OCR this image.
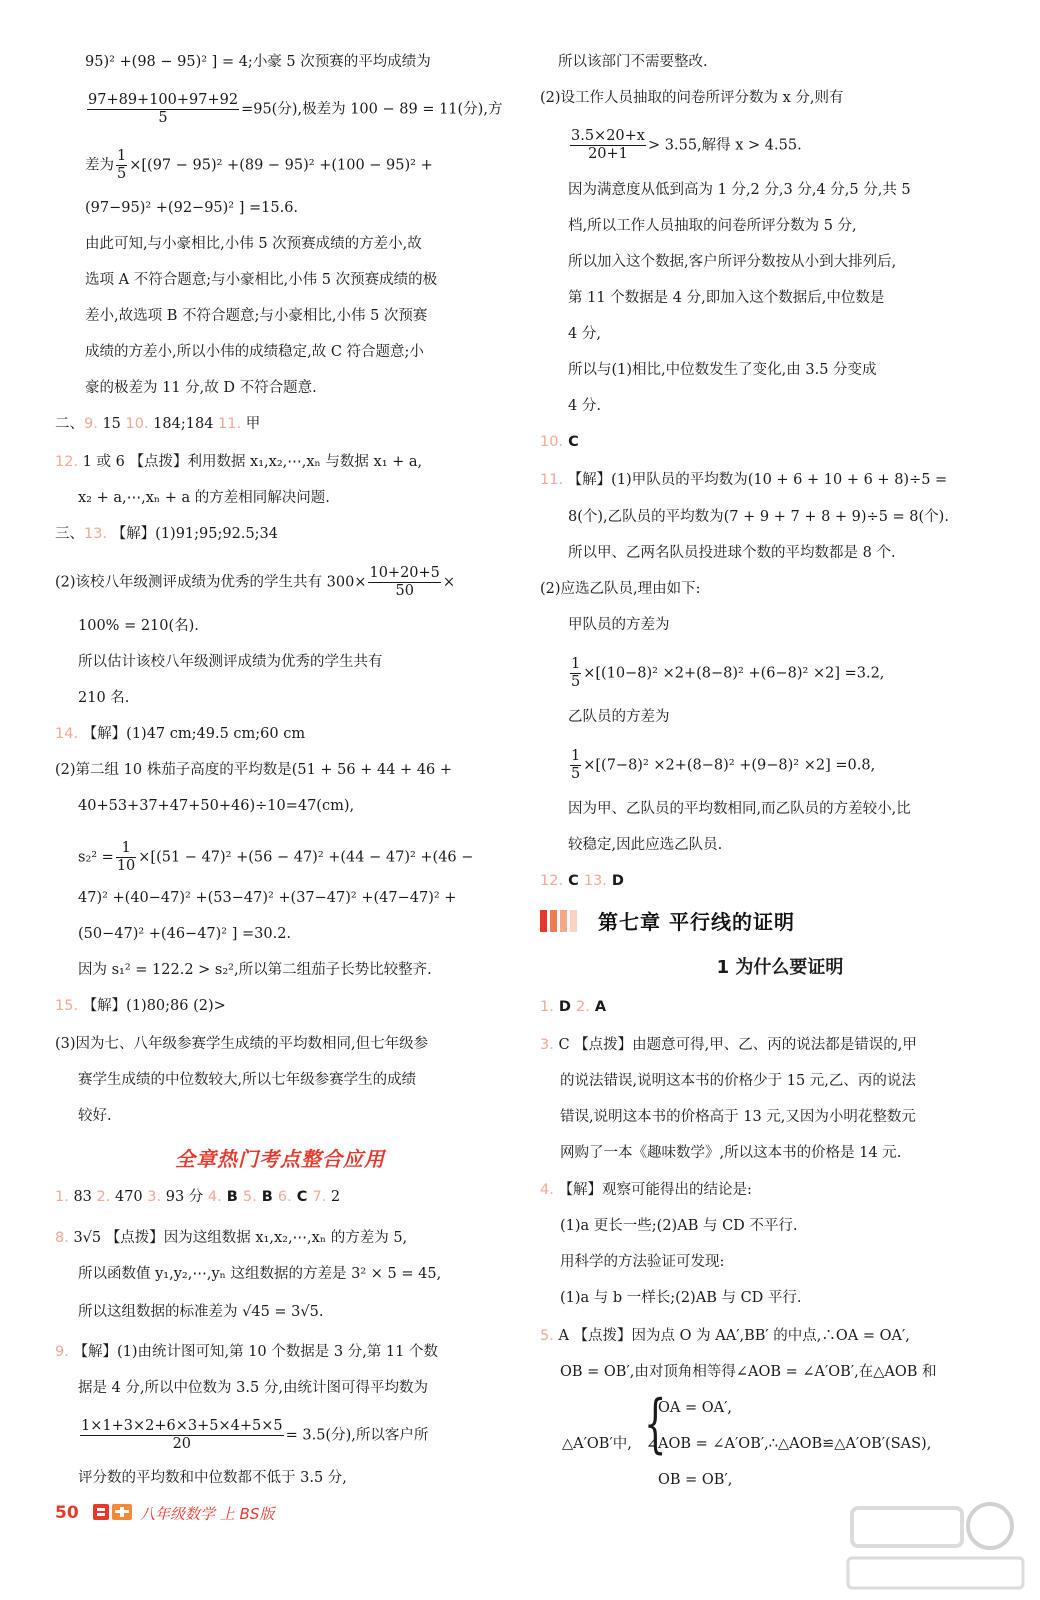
95)² +(98 − 95)² ] = 4;小豪 5 次预赛的平均成绩为
$\frac{97+89+100+97+92}{5} =95$(分),极差为 100 − 89 = 11(分),方
差为 $\frac{1}{5} \times[(97 - 95)^2 +(89 - 95)^2 +(100 - 95)^2$ +
(97−95)² +(92−95)² ] =15.6.
由此可知,与小豪相比,小伟 5 次预赛成绩的方差小,故
选项 A 不符合题意;与小豪相比,小伟 5 次预赛成绩的极
差小,故选项 B 不符合题意;与小豪相比,小伟 5 次预赛
成绩的方差小,所以小伟的成绩稳定,故 C 符合题意;小
豪的极差为 11 分,故 D 不符合题意.
二、9. 15 10. 184;184 11. 甲
12. 1 或 6 【点拨】利用数据 x₁,x₂,⋯,xₙ 与数据 x₁ + a,
x₂ + a,⋯,xₙ + a 的方差相同解决问题.
三、13. 【解】(1)91;95;92.5;34
(2)该校八年级测评成绩为优秀的学生共有 $300\times \frac{10+20+5}{50}$ ×
100% = 210(名).
所以估计该校八年级测评成绩为优秀的学生共有
210 名.
14. 【解】(1)47 cm;49.5 cm;60 cm
(2)第二组 10 株茄子高度的平均数是(51 + 56 + 44 + 46 +
40+53+37+47+50+46)÷10=47(cm),
$s_2^2 = \frac{1}{10} \times[(51 - 47)^2 +(56 - 47)^2 +(44 - 47)^2 +(46$ −
47)² +(40−47)² +(53−47)² +(37−47)² +(47−47)² +
(50−47)² +(46−47)² ] =30.2.
因为 s₁² = 122.2 > s₂²,所以第二组茄子长势比较整齐.
15. 【解】(1)80;86 (2)>
(3)因为七、八年级参赛学生成绩的平均数相同,但七年级参
赛学生成绩的中位数较大,所以七年级参赛学生的成绩
较好.
全章热门考点整合应用
1. 83 2. 470 3. 93 分 4. B 5. B 6. C 7. 2
8. 3√5 【点拨】因为这组数据 x₁,x₂,⋯,xₙ 的方差为 5,
所以函数值 y₁,y₂,⋯,yₙ 这组数据的方差是 3² × 5 = 45,
所以这组数据的标准差为 √45 = 3√5.
9. 【解】(1)由统计图可知,第 10 个数据是 3 分,第 11 个数
据是 4 分,所以中位数为 3.5 分,由统计图可得平均数为
$\frac{1\times 1+3\times 2+6\times 3+5\times 4+5\times 5}{20} = 3.5$(分),所以客户所
评分数的平均数和中位数都不低于 3.5 分,
所以该部门不需要整改.
(2)设工作人员抽取的问卷所评分数为 x 分,则有
$\frac{3.5\times 20+x}{20+1} > 3.55$,解得 x > 4.55.
因为满意度从低到高为 1 分,2 分,3 分,4 分,5 分,共 5
档,所以工作人员抽取的问卷所评分数为 5 分,
所以加入这个数据,客户所评分数按从小到大排列后,
第 11 个数据是 4 分,即加入这个数据后,中位数是
4 分,
所以与(1)相比,中位数发生了变化,由 3.5 分变成
4 分.
10. C
11. 【解】(1)甲队员的平均数为(10 + 6 + 10 + 6 + 8)÷5 =
8(个),乙队员的平均数为(7 + 9 + 7 + 8 + 9)÷5 = 8(个).
所以甲、乙两名队员投进球个数的平均数都是 8 个.
(2)应选乙队员,理由如下:
甲队员的方差为
$\frac{1}{5} \times[(10-8)^2 \times 2+(8-8)^2 +(6-8)^2 \times 2] =3.2$,
乙队员的方差为
$\frac{1}{5} \times[(7-8)^2 \times 2+(8-8)^2 +(9-8)^2 \times 2] =0.8$,
因为甲、乙队员的平均数相同,而乙队员的方差较小,比
较稳定,因此应选乙队员.
12. C 13. D
第七章 平行线的证明
1 为什么要证明
1. D 2. A
3. C 【点拨】由题意可得,甲、乙、丙的说法都是错误的,甲
的说法错误,说明这本书的价格少于 15 元,乙、丙的说法
错误,说明这本书的价格高于 13 元,又因为小明花整数元
网购了一本《趣味数学》,所以这本书的价格是 14 元.
4. 【解】观察可能得出的结论是:
(1)a 更长一些;(2)AB 与 CD 不平行.
用科学的方法验证可发现:
(1)a 与 b 一样长;(2)AB 与 CD 平行.
5. A 【点拨】因为点 O 为 AA′,BB′ 的中点,∴OA = OA′,
OB = OB′,由对顶角相等得∠AOB = ∠A′OB′,在△AOB 和
OA = OA′,
△A′OB′中, ∠AOB = ∠A′OB′,∴△AOB≌△A′OB′(SAS),
OB = OB′,
{
50	八年级数学 上 BS版
